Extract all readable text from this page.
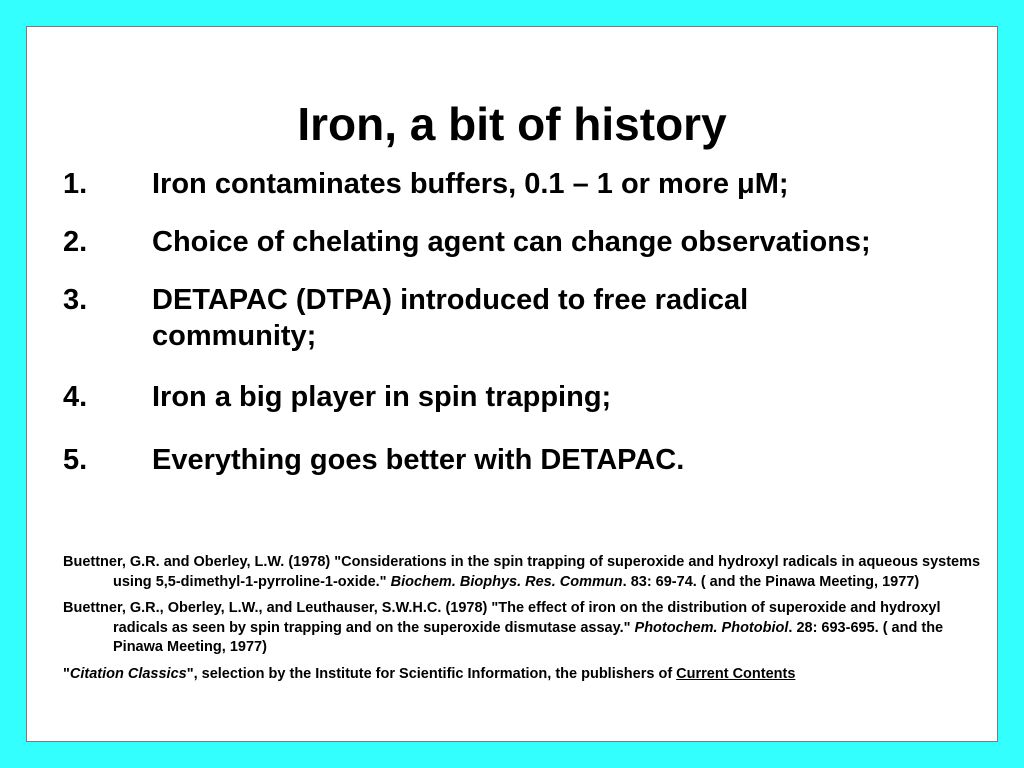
Iron, a bit of history
1.	Iron contaminates buffers, 0.1 – 1 or more μM;
2.	Choice of chelating agent can change observations;
3.	DETAPAC (DTPA) introduced to free radical community;
4.	Iron a big player in spin trapping;
5.	Everything goes better with DETAPAC.

Buettner, G.R. and Oberley, L.W. (1978) "Considerations in the spin trapping of superoxide and hydroxyl radicals in aqueous systems using 5,5-dimethyl-1-pyrroline-1-oxide." Biochem. Biophys. Res. Commun. 83: 69-74. ( and the Pinawa Meeting, 1977)

Buettner, G.R., Oberley, L.W., and Leuthauser, S.W.H.C. (1978) "The effect of iron on the distribution of superoxide and hydroxyl radicals as seen by spin trapping and on the superoxide dismutase assay." Photochem. Photobiol. 28: 693-695. ( and the Pinawa Meeting, 1977)

"Citation Classics", selection by the Institute for Scientific Information, the publishers of Current Contents
